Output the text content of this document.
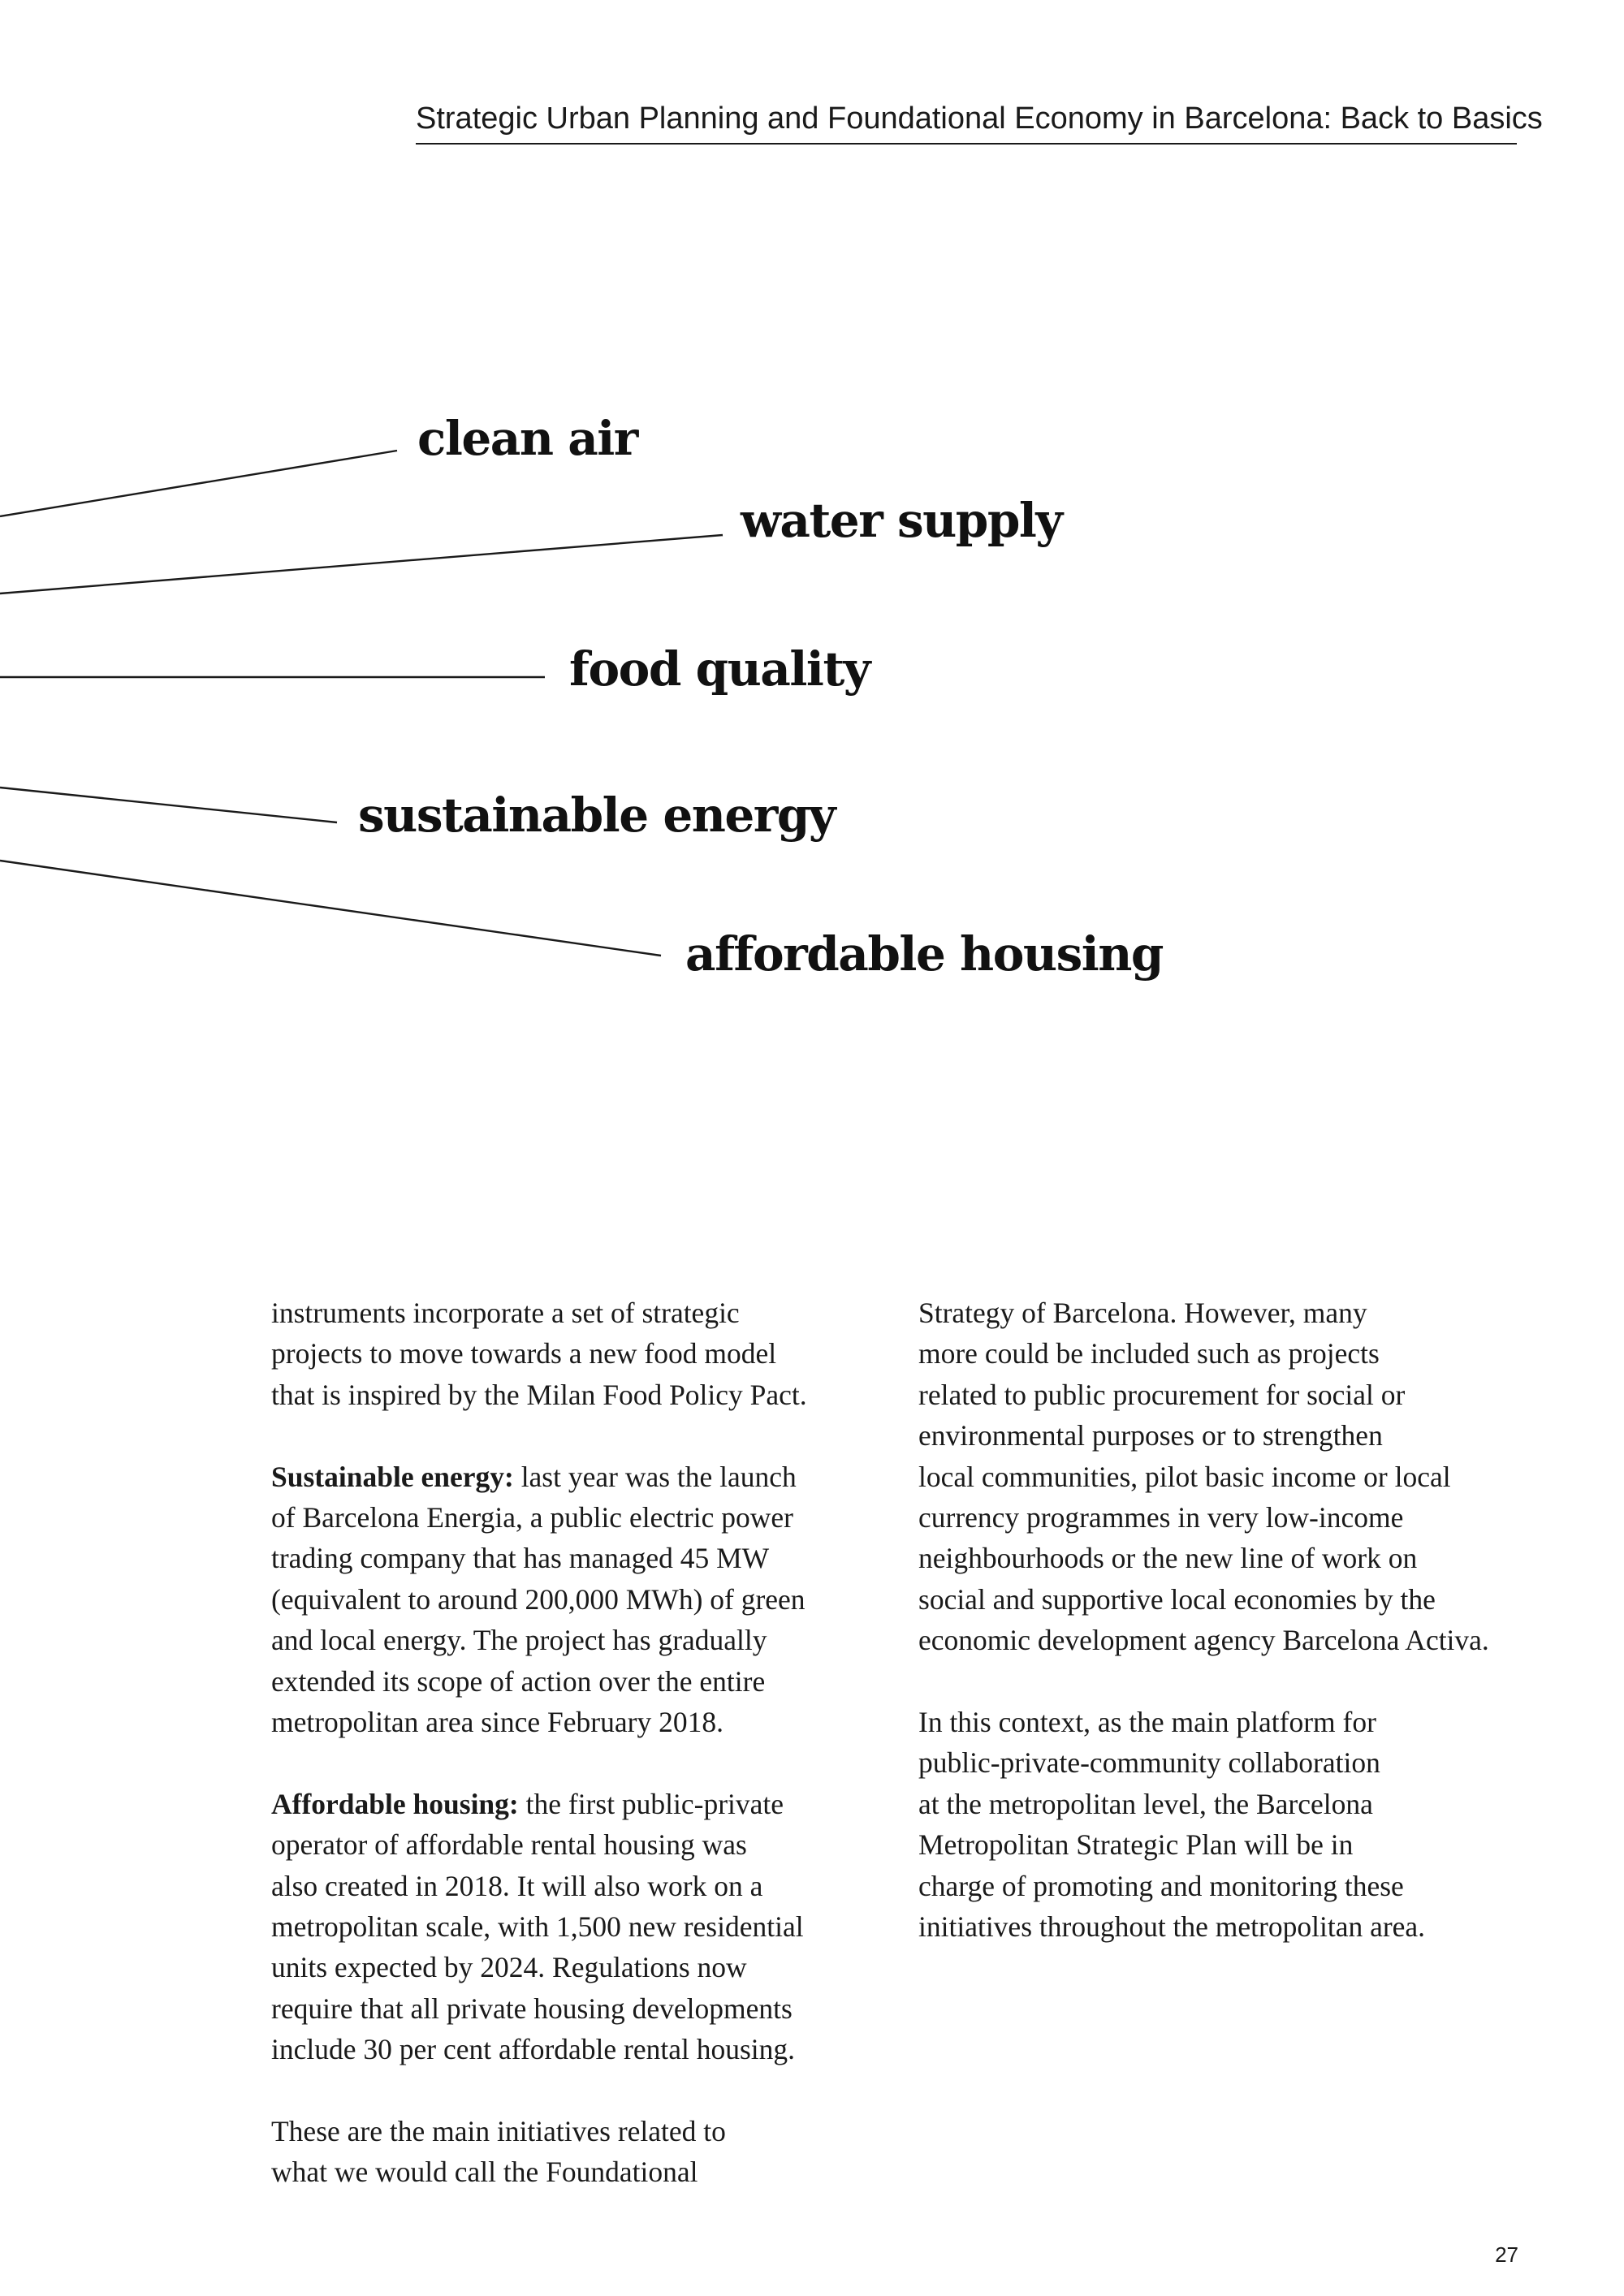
Strategic Urban Planning and Foundational Economy in Barcelona: Back to Basics
clean air
water supply
food quality
sustainable energy
affordable housing

instruments incorporate a set of strategic
projects to move towards a new food model
that is inspired by the Milan Food Policy Pact.

Sustainable energy: last year was the launch
of Barcelona Energia, a public electric power
trading company that has managed 45 MW
(equivalent to around 200,000 MWh) of green
and local energy. The project has gradually
extended its scope of action over the entire
metropolitan area since February 2018.

Affordable housing: the first public-private
operator of affordable rental housing was
also created in 2018. It will also work on a
metropolitan scale, with 1,500 new residential
units expected by 2024. Regulations now
require that all private housing developments
include 30 per cent affordable rental housing.

These are the main initiatives related to
what we would call the Foundational

Strategy of Barcelona. However, many
more could be included such as projects
related to public procurement for social or
environmental purposes or to strengthen
local communities, pilot basic income or local
currency programmes in very low-income
neighbourhoods or the new line of work on
social and supportive local economies by the
economic development agency Barcelona Activa.

In this context, as the main platform for
public-private-community collaboration
at the metropolitan level, the Barcelona
Metropolitan Strategic Plan will be in
charge of promoting and monitoring these
initiatives throughout the metropolitan area.

27
